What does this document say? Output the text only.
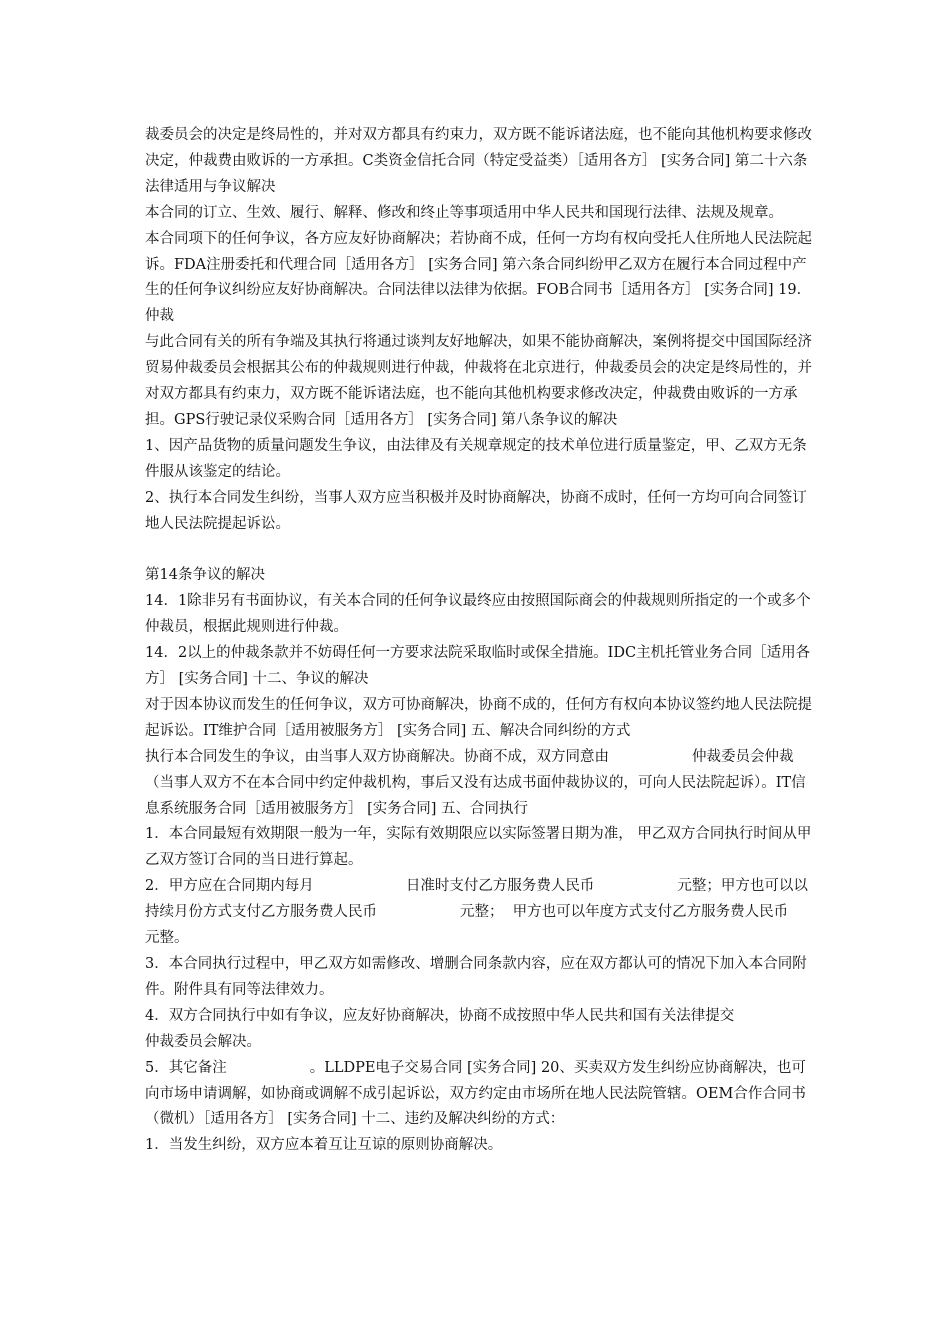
裁委员会的决定是终局性的，并对双方都具有约束力，双方既不能诉诸法庭，也不能向其他机构要求修改决定，仲裁费由败诉的一方承担。C类资金信托合同（特定受益类）［适用各方］ [实务合同] 第二十六条法律适用与争议解决

本合同的订立、生效、履行、解释、修改和终止等事项适用中华人民共和国现行法律、法规及规章。

本合同项下的任何争议，各方应友好协商解决；若协商不成，任何一方均有权向受托人住所地人民法院起诉。FDA注册委托和代理合同［适用各方］ [实务合同] 第六条合同纠纷甲乙双方在履行本合同过程中产生的任何争议纠纷应友好协商解决。合同法律以法律为依据。FOB合同书［适用各方］ [实务合同] 19．仲裁

与此合同有关的所有争端及其执行将通过谈判友好地解决，如果不能协商解决，案例将提交中国国际经济贸易仲裁委员会根据其公布的仲裁规则进行仲裁，仲裁将在北京进行，仲裁委员会的决定是终局性的，并对双方都具有约束力，双方既不能诉诸法庭，也不能向其他机构要求修改决定，仲裁费由败诉的一方承担。GPS行驶记录仪采购合同［适用各方］ [实务合同] 第八条争议的解决

1、因产品货物的质量问题发生争议，由法律及有关规章规定的技术单位进行质量鉴定，甲、乙双方无条件服从该鉴定的结论。

2、执行本合同发生纠纷，当事人双方应当积极并及时协商解决，协商不成时，任何一方均可向合同签订地人民法院提起诉讼。

第14条争议的解决

14．1除非另有书面协议，有关本合同的任何争议最终应由按照国际商会的仲裁规则所指定的一个或多个仲裁员，根据此规则进行仲裁。

14．2以上的仲裁条款并不妨碍任何一方要求法院采取临时或保全措施。IDC主机托管业务合同［适用各方］ [实务合同] 十二、争议的解决

对于因本协议而发生的任何争议，双方可协商解决，协商不成的，任何方有权向本协议签约地人民法院提起诉讼。IT维护合同［适用被服务方］ [实务合同] 五、解决合同纠纷的方式

执行本合同发生的争议，由当事人双方协商解决。协商不成，双方同意由                  仲裁委员会仲裁（当事人双方不在本合同中约定仲裁机构，事后又没有达成书面仲裁协议的，可向人民法院起诉）。IT信息系统服务合同［适用被服务方］ [实务合同] 五、合同执行

1．本合同最短有效期限一般为一年，实际有效期限应以实际签署日期为准， 甲乙双方合同执行时间从甲乙双方签订合同的当日进行算起。

2．甲方应在合同期内每月                    日准时支付乙方服务费人民币                  元整；甲方也可以以持续月份方式支付乙方服务费人民币                  元整；  甲方也可以年度方式支付乙方服务费人民币                  元整。

3．本合同执行过程中，甲乙双方如需修改、增删合同条款内容，应在双方都认可的情况下加入本合同附件。附件具有同等法律效力。

4．双方合同执行中如有争议，应友好协商解决，协商不成按照中华人民共和国有关法律提交                  仲裁委员会解决。

5．其它备注                  。LLDPE电子交易合同 [实务合同] 20、买卖双方发生纠纷应协商解决，也可向市场申请调解，如协商或调解不成引起诉讼，双方约定由市场所在地人民法院管辖。OEM合作合同书（微机）［适用各方］ [实务合同] 十二、违约及解决纠纷的方式：

1．当发生纠纷，双方应本着互让互谅的原则协商解决。
